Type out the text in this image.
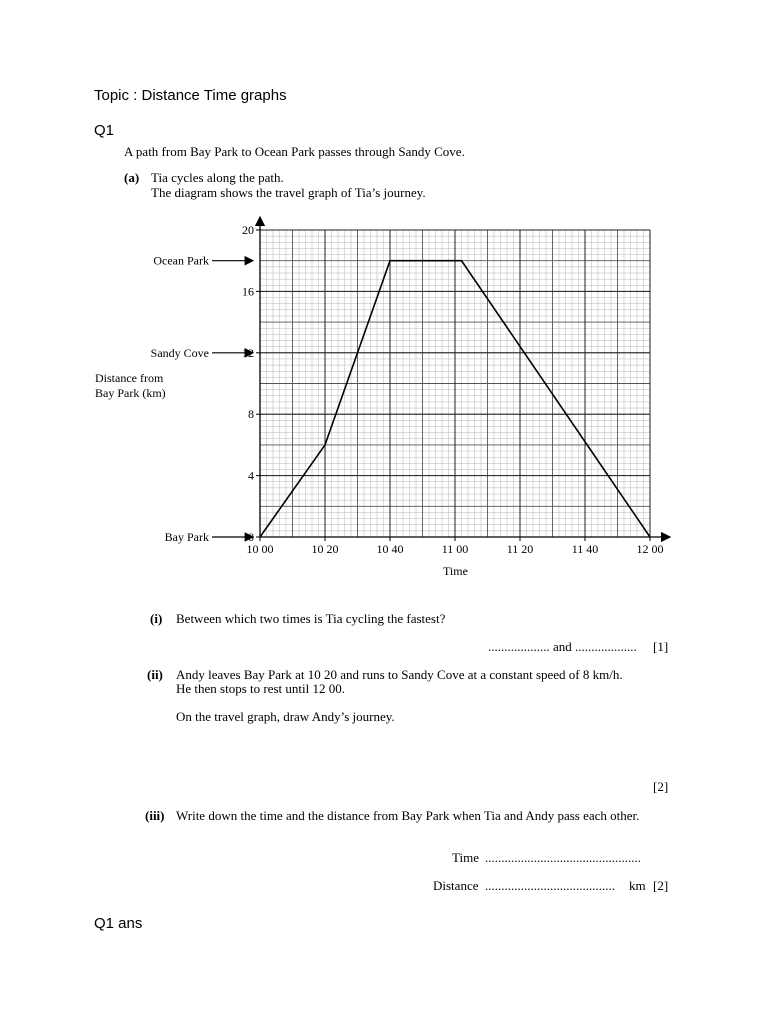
Topic : Distance Time graphs
Q1
A path from Bay Park to Ocean Park passes through Sandy Cove.
(a) Tia cycles along the path.
The diagram shows the travel graph of Tia’s journey.
0
4
8
12
16
20
10 00	10 20	10 40	11 00	11 20	11 40	12 00
Ocean Park
Sandy Cove
Bay Park
Distance from
Bay Park (km)
Time
(i) Between which two times is Tia cycling the fastest?
................... and ................... [1]
(ii) Andy leaves Bay Park at 10 20 and runs to Sandy Cove at a constant speed of 8 km/h.
He then stops to rest until 12 00.
On the travel graph, draw Andy’s journey.
[2]
(iii) Write down the time and the distance from Bay Park when Tia and Andy pass each other.
Time ................................................
Distance ........................................ km [2]
Q1 ans
